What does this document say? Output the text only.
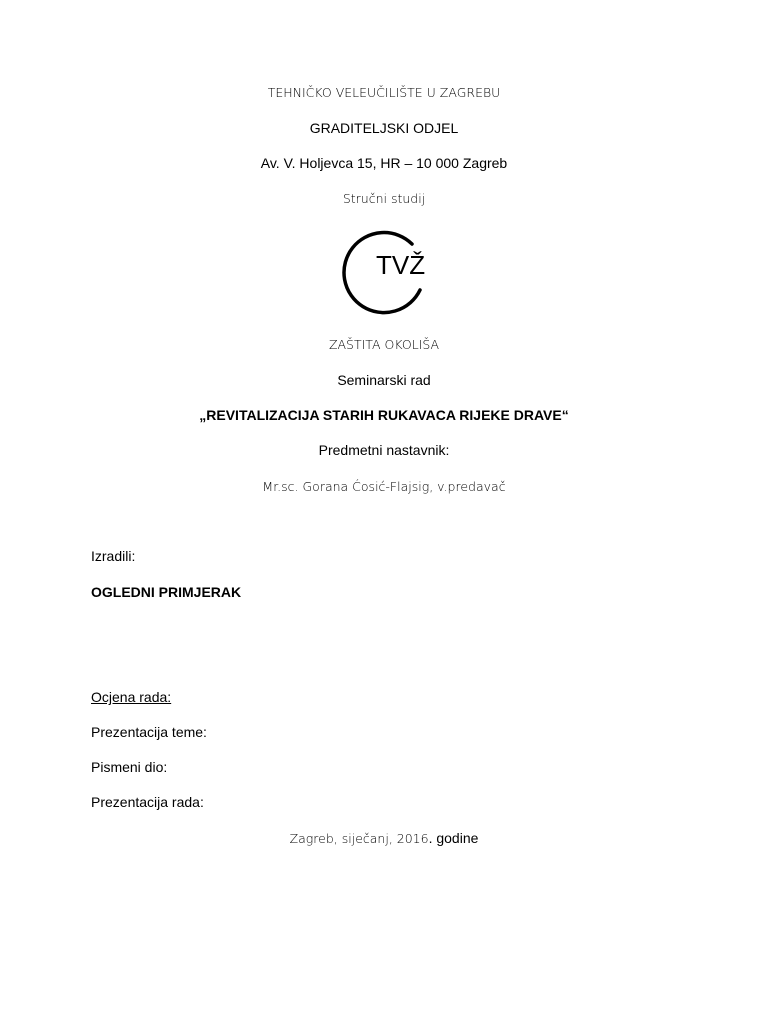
TEHNIČKO VELEUČILIŠTE U ZAGREBU
GRADITELJSKI ODJEL
Av. V. Holjevca 15, HR – 10 000 Zagreb
Stručni studij
TVŽ
ZAŠTITA OKOLIŠA
Seminarski rad
„REVITALIZACIJA STARIH RUKAVACA RIJEKE DRAVE“
Predmetni nastavnik:
Mr.sc. Gorana Ćosić-Flajsig, v.predavač
Izradili:
OGLEDNI PRIMJERAK
Ocjena rada:
Prezentacija teme:
Pismeni dio:
Prezentacija rada:
Zagreb, siječanj, 2016. godine
